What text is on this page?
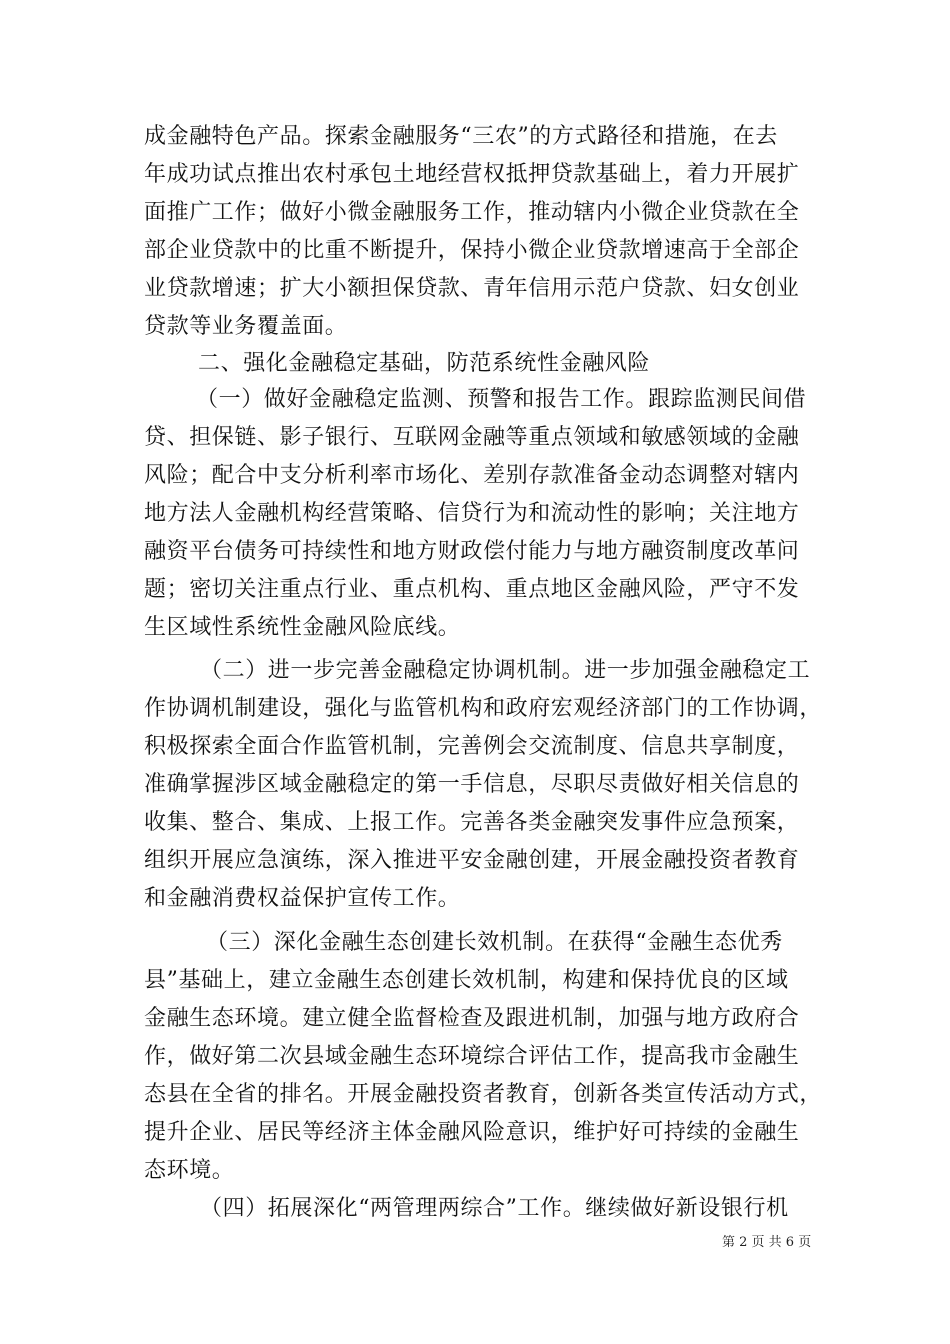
成金融特色产品。探索金融服务“三农”的方式路径和措施，在去
年成功试点推出农村承包土地经营权抵押贷款基础上，着力开展扩
面推广工作；做好小微金融服务工作，推动辖内小微企业贷款在全
部企业贷款中的比重不断提升，保持小微企业贷款增速高于全部企
业贷款增速；扩大小额担保贷款、青年信用示范户贷款、妇女创业
贷款等业务覆盖面。
二、强化金融稳定基础，防范系统性金融风险
（一）做好金融稳定监测、预警和报告工作。跟踪监测民间借
贷、担保链、影子银行、互联网金融等重点领域和敏感领域的金融
风险；配合中支分析利率市场化、差别存款准备金动态调整对辖内
地方法人金融机构经营策略、信贷行为和流动性的影响；关注地方
融资平台债务可持续性和地方财政偿付能力与地方融资制度改革问
题；密切关注重点行业、重点机构、重点地区金融风险，严守不发
生区域性系统性金融风险底线。
（二）进一步完善金融稳定协调机制。进一步加强金融稳定工
作协调机制建设，强化与监管机构和政府宏观经济部门的工作协调，
积极探索全面合作监管机制，完善例会交流制度、信息共享制度，
准确掌握涉区域金融稳定的第一手信息，尽职尽责做好相关信息的
收集、整合、集成、上报工作。完善各类金融突发事件应急预案，
组织开展应急演练，深入推进平安金融创建，开展金融投资者教育
和金融消费权益保护宣传工作。
（三）深化金融生态创建长效机制。在获得“金融生态优秀
县”基础上，建立金融生态创建长效机制，构建和保持优良的区域
金融生态环境。建立健全监督检查及跟进机制，加强与地方政府合
作，做好第二次县域金融生态环境综合评估工作，提高我市金融生
态县在全省的排名。开展金融投资者教育，创新各类宣传活动方式，
提升企业、居民等经济主体金融风险意识，维护好可持续的金融生
态环境。
（四）拓展深化“两管理两综合”工作。继续做好新设银行机
第 2 页 共 6 页
